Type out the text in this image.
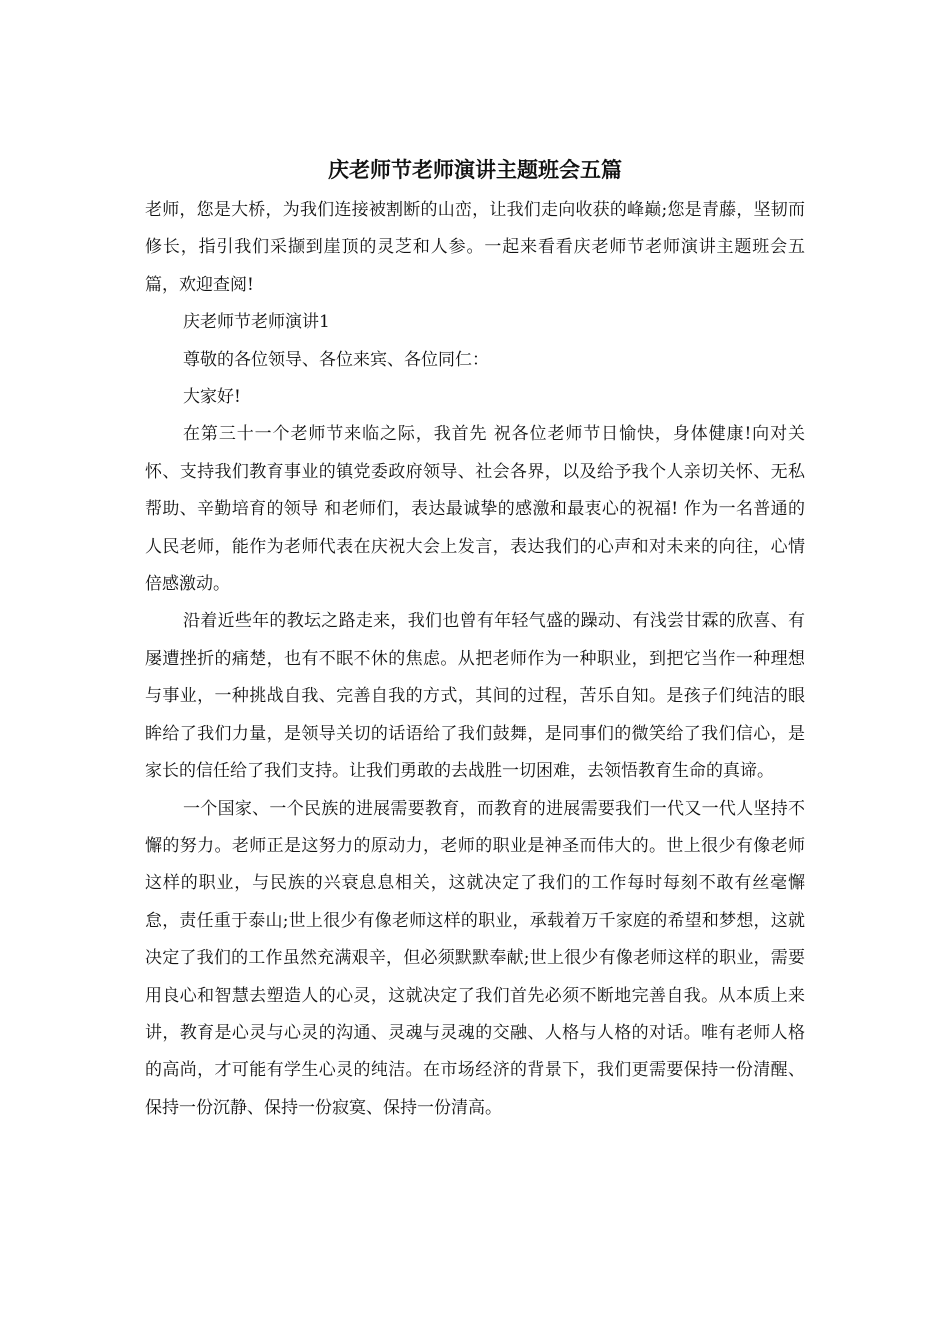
庆老师节老师演讲主题班会五篇

老师，您是大桥，为我们连接被割断的山峦，让我们走向收获的峰巅;您是青藤，坚韧而修长，指引我们采撷到崖顶的灵芝和人参。一起来看看庆老师节老师演讲主题班会五篇，欢迎查阅!

庆老师节老师演讲1

尊敬的各位领导、各位来宾、各位同仁：

大家好!

在第三十一个老师节来临之际，我首先 祝各位老师节日愉快，身体健康!向对关怀、支持我们教育事业的镇党委政府领导、社会各界，以及给予我个人亲切关怀、无私帮助、辛勤培育的领导 和老师们，表达最诚挚的感激和最衷心的祝福! 作为一名普通的人民老师，能作为老师代表在庆祝大会上发言，表达我们的心声和对未来的向往，心情倍感激动。

沿着近些年的教坛之路走来，我们也曾有年轻气盛的躁动、有浅尝甘霖的欣喜、有屡遭挫折的痛楚，也有不眠不休的焦虑。从把老师作为一种职业，到把它当作一种理想与事业，一种挑战自我、完善自我的方式，其间的过程，苦乐自知。是孩子们纯洁的眼眸给了我们力量，是领导关切的话语给了我们鼓舞，是同事们的微笑给了我们信心，是家长的信任给了我们支持。让我们勇敢的去战胜一切困难，去领悟教育生命的真谛。

一个国家、一个民族的进展需要教育，而教育的进展需要我们一代又一代人坚持不懈的努力。老师正是这努力的原动力，老师的职业是神圣而伟大的。世上很少有像老师这样的职业，与民族的兴衰息息相关，这就决定了我们的工作每时每刻不敢有丝毫懈怠，责任重于泰山;世上很少有像老师这样的职业，承载着万千家庭的希望和梦想，这就决定了我们的工作虽然充满艰辛，但必须默默奉献;世上很少有像老师这样的职业，需要用良心和智慧去塑造人的心灵，这就决定了我们首先必须不断地完善自我。从本质上来讲，教育是心灵与心灵的沟通、灵魂与灵魂的交融、人格与人格的对话。唯有老师人格的高尚，才可能有学生心灵的纯洁。在市场经济的背景下，我们更需要保持一份清醒、保持一份沉静、保持一份寂寞、保持一份清高。
